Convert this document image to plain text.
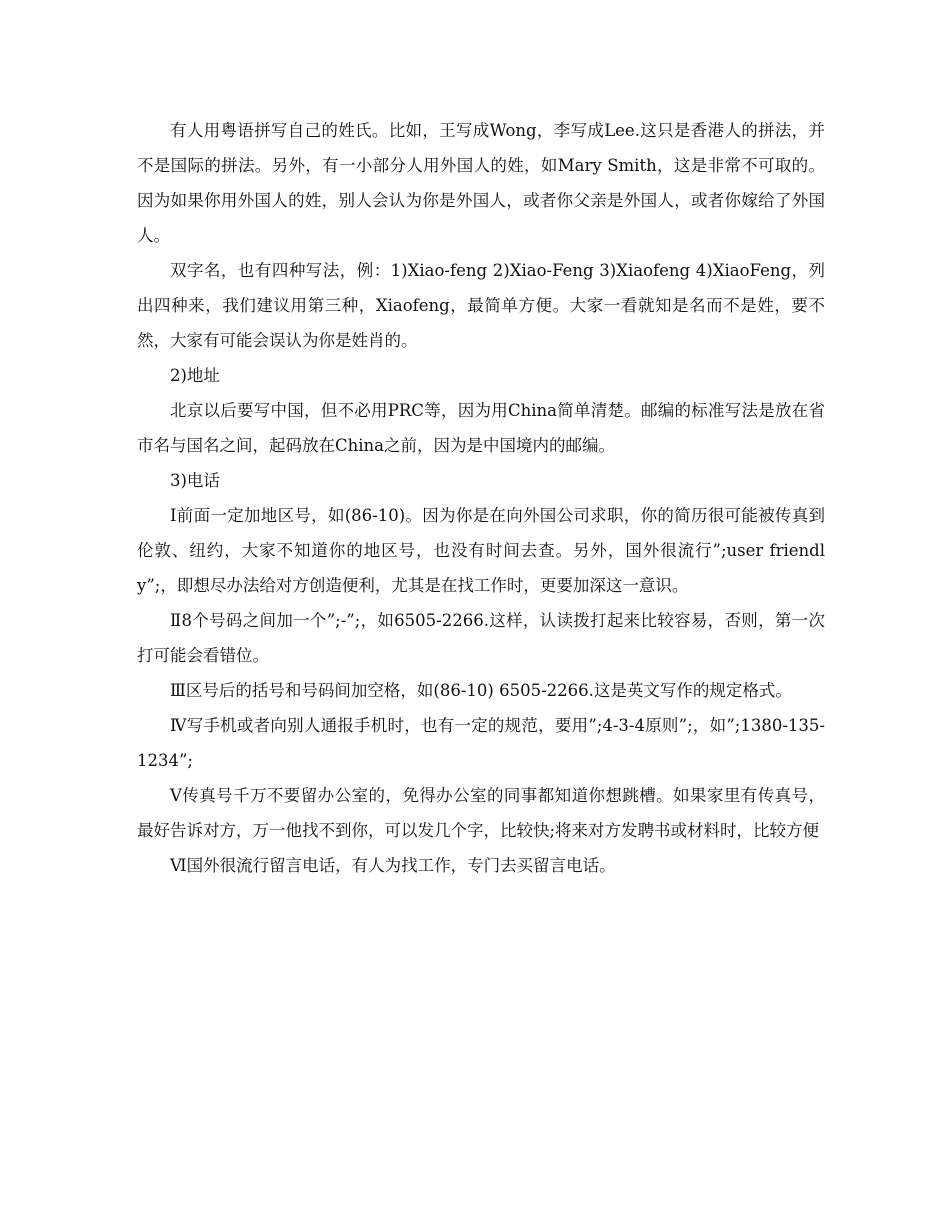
有人用粤语拼写自己的姓氏。比如，王写成Wong，李写成Lee.这只是香港人的拼法，并不是国际的拼法。另外，有一小部分人用外国人的姓，如Mary Smith，这是非常不可取的。因为如果你用外国人的姓，别人会认为你是外国人，或者你父亲是外国人，或者你嫁给了外国人。

双字名，也有四种写法，例：1)Xiao-feng 2)Xiao-Feng 3)Xiaofeng 4)XiaoFeng，列出四种来，我们建议用第三种，Xiaofeng，最简单方便。大家一看就知是名而不是姓，要不然，大家有可能会误认为你是姓肖的。

2)地址

北京以后要写中国，但不必用PRC等，因为用China简单清楚。邮编的标准写法是放在省市名与国名之间，起码放在China之前，因为是中国境内的邮编。

3)电话

Ⅰ前面一定加地区号，如(86-10)。因为你是在向外国公司求职，你的简历很可能被传真到伦敦、纽约，大家不知道你的地区号，也没有时间去查。另外，国外很流行”;user friendly”;，即想尽办法给对方创造便利，尤其是在找工作时，更要加深这一意识。

Ⅱ8个号码之间加一个”;-”;，如6505-2266.这样，认读拨打起来比较容易，否则，第一次打可能会看错位。

Ⅲ区号后的括号和号码间加空格，如(86-10) 6505-2266.这是英文写作的规定格式。

Ⅳ写手机或者向别人通报手机时，也有一定的规范，要用”;4-3-4原则”;，如”;1380-135-1234”;

Ⅴ传真号千万不要留办公室的，免得办公室的同事都知道你想跳槽。如果家里有传真号，最好告诉对方，万一他找不到你，可以发几个字，比较快;将来对方发聘书或材料时，比较方便

Ⅵ国外很流行留言电话，有人为找工作，专门去买留言电话。
